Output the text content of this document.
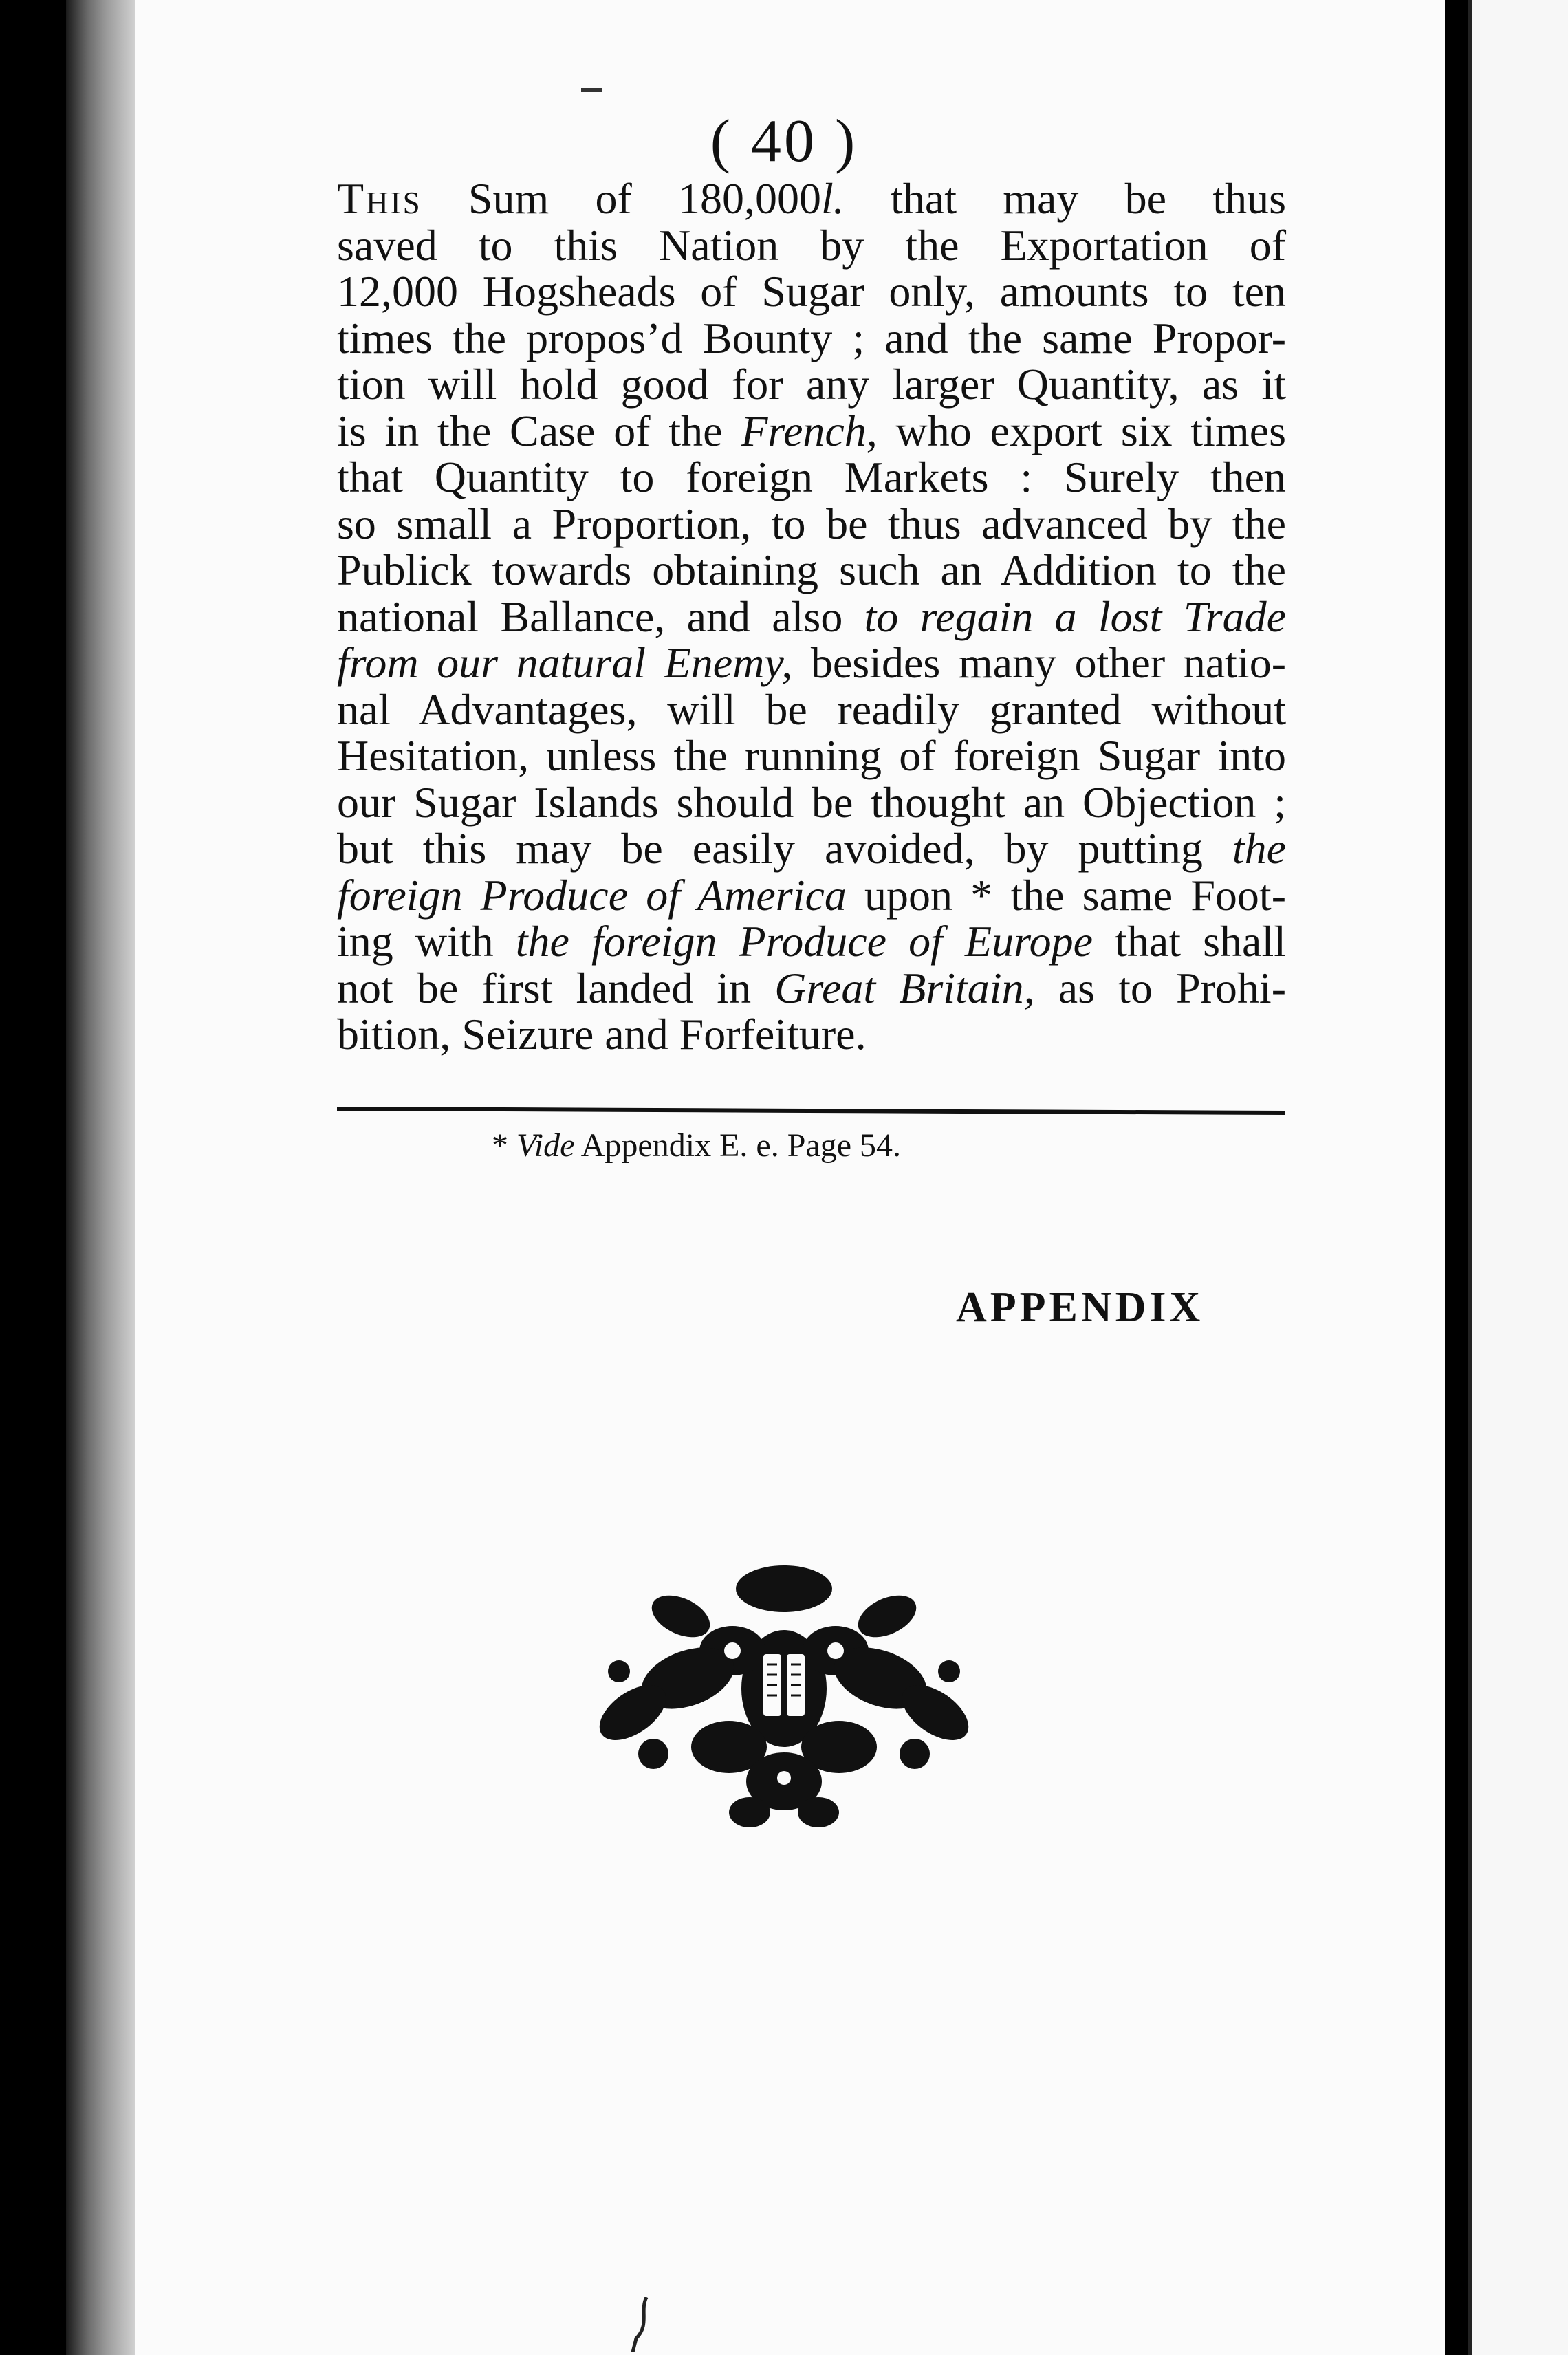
( 40 )
This Sum of 180,000l. that may be thus
saved to this Nation by the Exportation of
12,000 Hogsheads of Sugar only, amounts to ten
times the propos’d Bounty ; and the same Propor-
tion will hold good for any larger Quantity, as it
is in the Case of the French, who export six times
that Quantity to foreign Markets : Surely then
so small a Proportion, to be thus advanced by the
Publick towards obtaining such an Addition to the
national Ballance, and also to regain a lost Trade
from our natural Enemy, besides many other natio-
nal Advantages, will be readily granted without
Hesitation, unless the running of foreign Sugar into
our Sugar Islands should be thought an Objection ;
but this may be easily avoided, by putting the
foreign Produce of America upon * the same Foot-
ing with the foreign Produce of Europe that shall
not be first landed in Great Britain, as to Prohi-
bition, Seizure and Forfeiture.
* Vide Appendix E. e. Page 54.
APPENDIX
